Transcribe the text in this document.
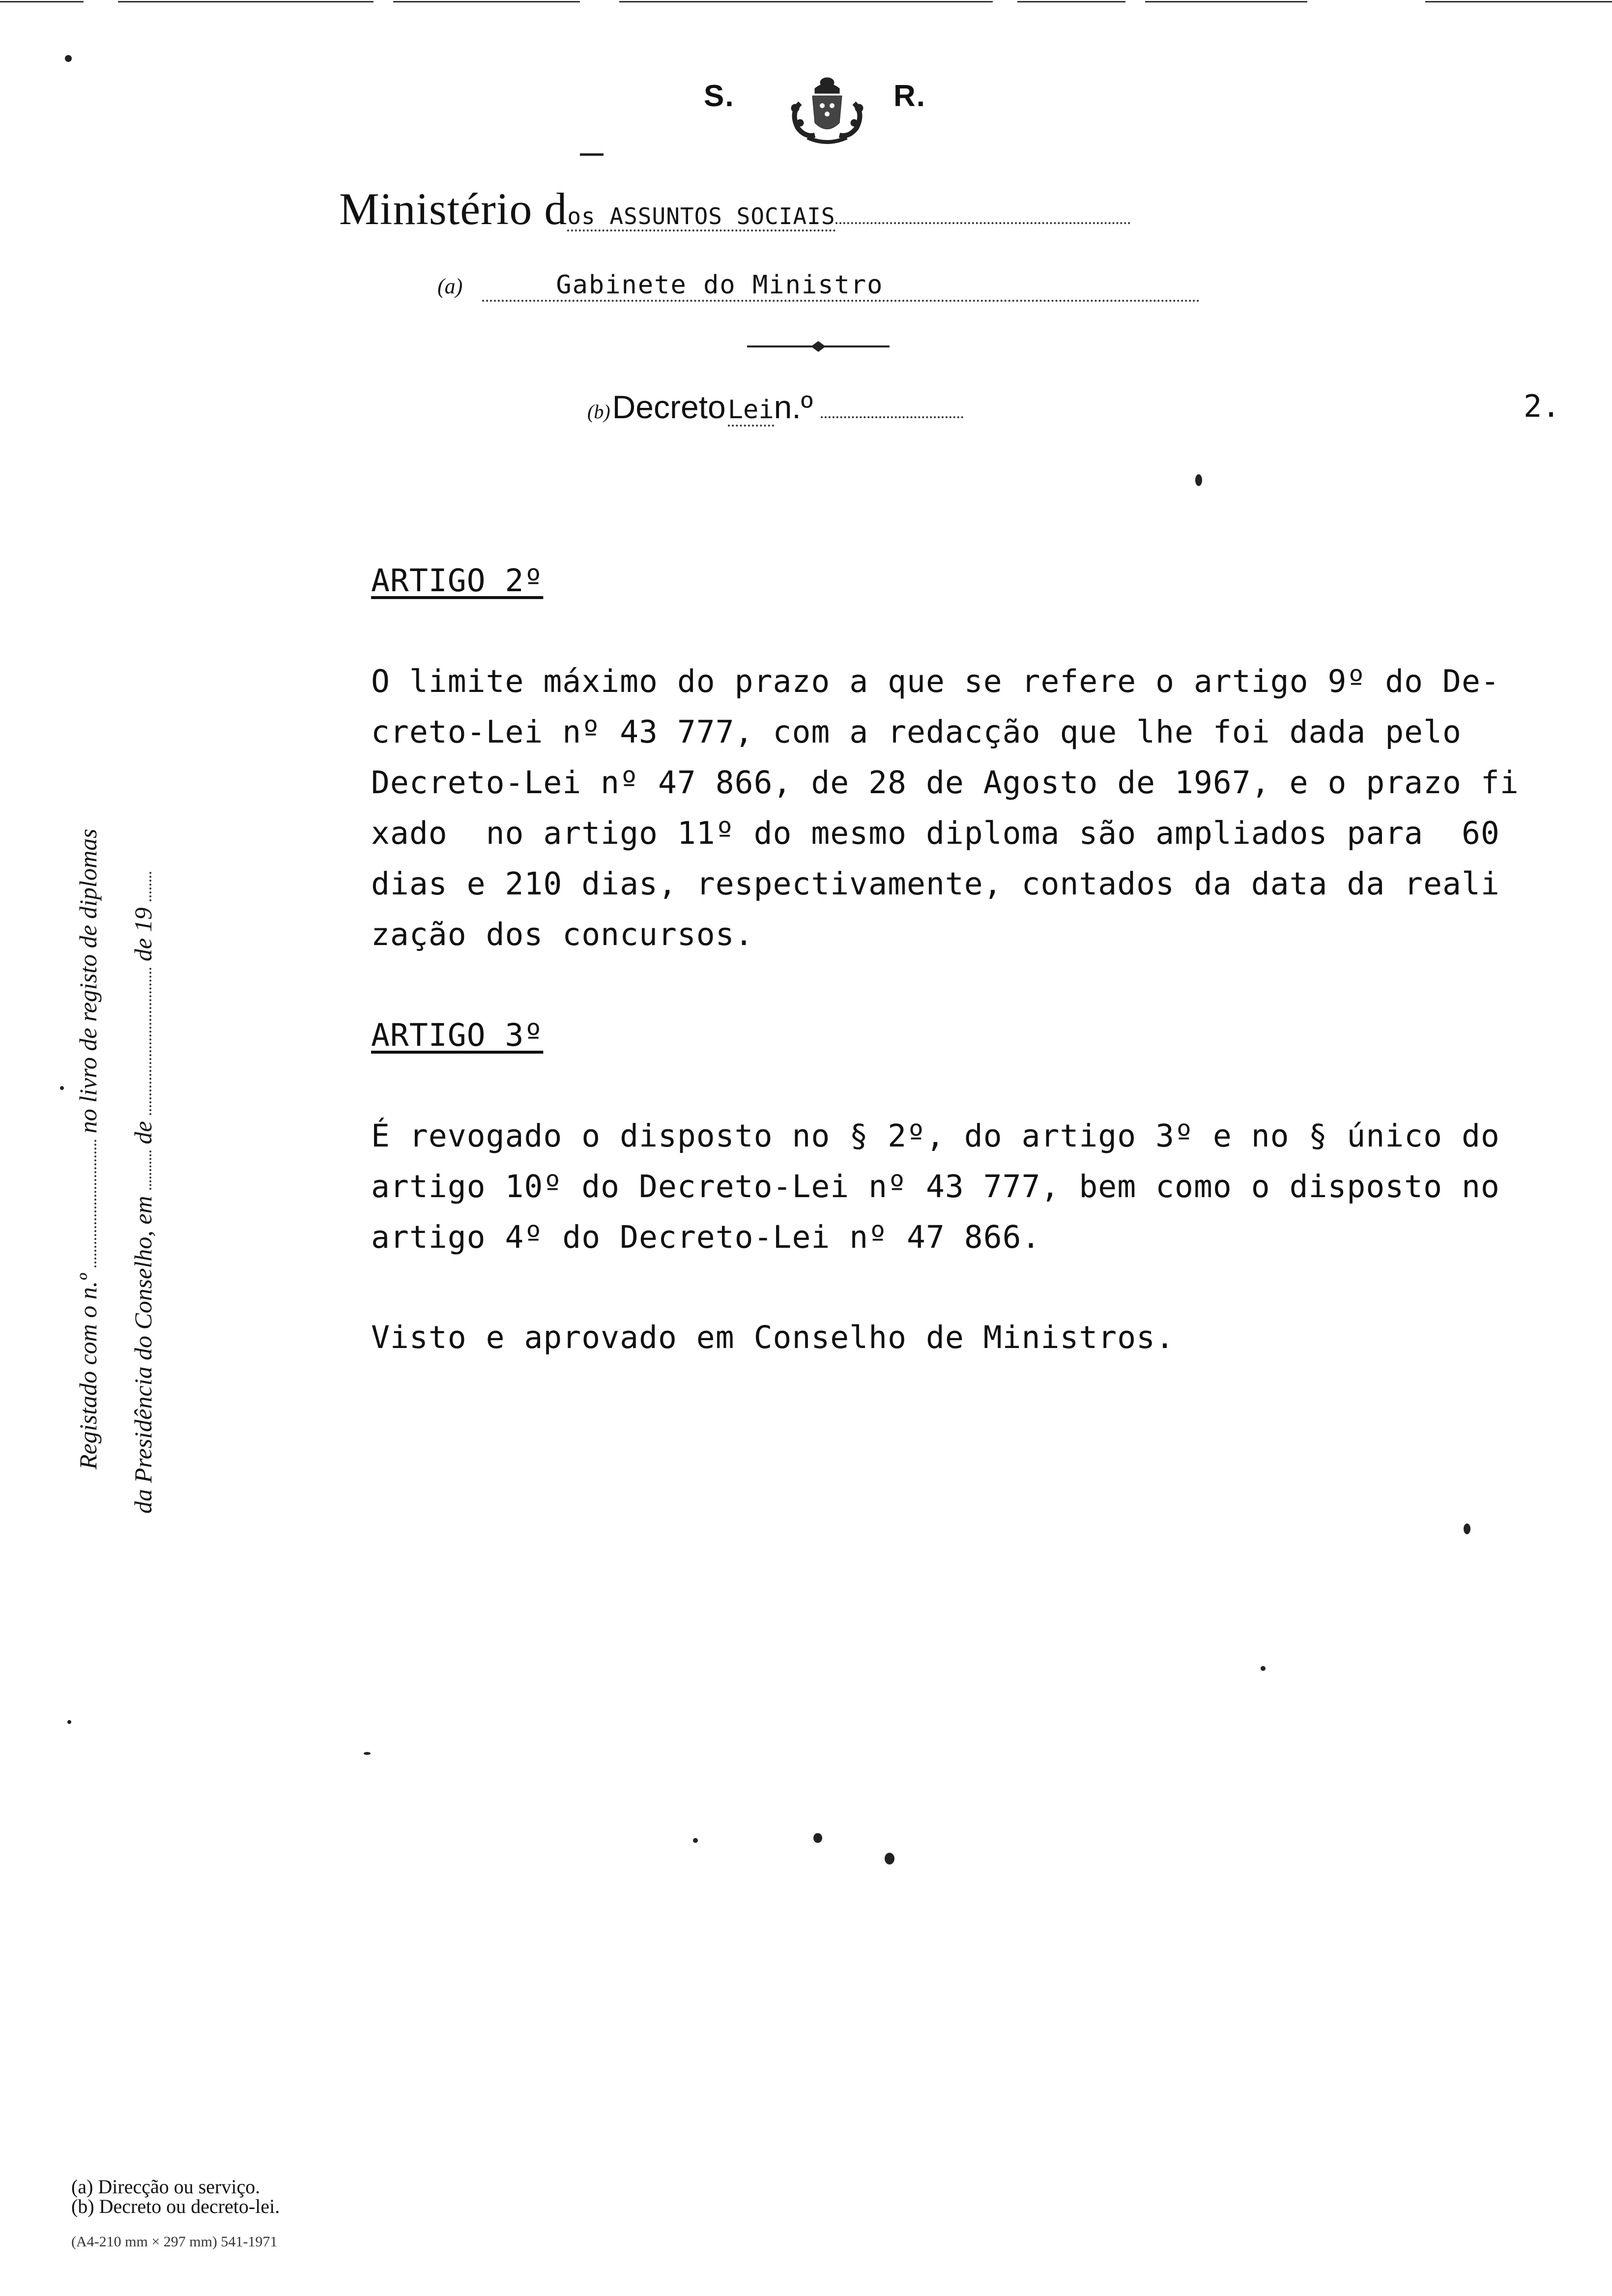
S.	R.
Ministério dos ASSUNTOS SOCIAIS
(a)	Gabinete do Ministro
(b) Decreto Lein.º	2.
ARTIGO 2º
O limite máximo do prazo a que se refere o artigo 9º do De-
creto-Lei nº 43 777, com a redacção que lhe foi dada pelo
Decreto-Lei nº 47 866, de 28 de Agosto de 1967, e o prazo fi
xado  no artigo 11º do mesmo diploma são ampliados para  60
dias e 210 dias, respectivamente, contados da data da reali
zação dos concursos.
ARTIGO 3º
É revogado o disposto no § 2º, do artigo 3º e no § único do
artigo 10º do Decreto-Lei nº 43 777, bem como o disposto no
artigo 4º do Decreto-Lei nº 47 866.
Visto e aprovado em Conselho de Ministros.
Registado com o n.º  no livro de registo de diplomas
da Presidência do Conselho, em  de  de 19
(a) Direcção ou serviço.
(b) Decreto ou decreto-lei.
(A4-210 mm × 297 mm) 541-1971
